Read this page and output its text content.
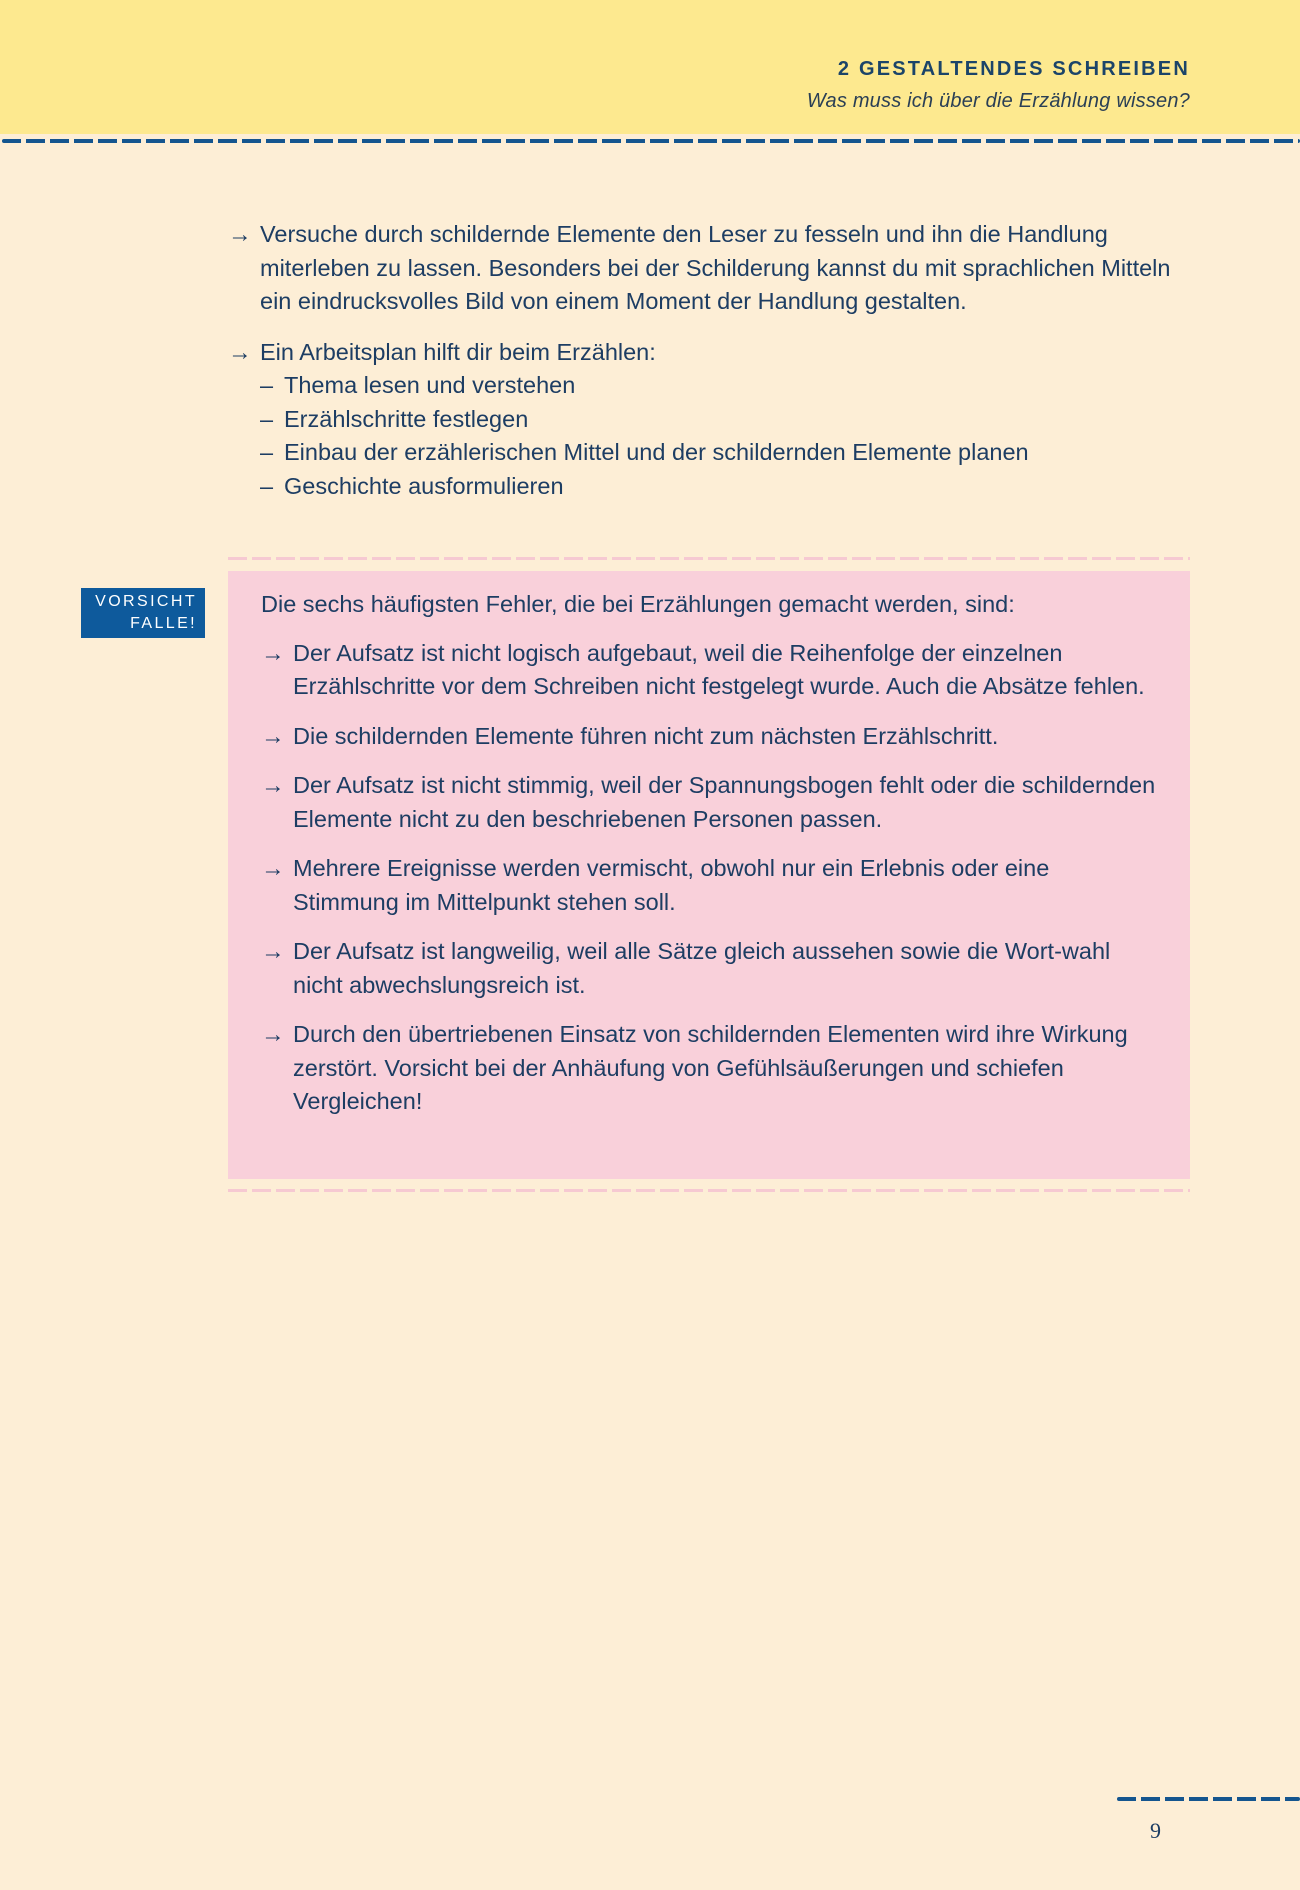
2 GESTALTENDES SCHREIBEN
Was muss ich über die Erzählung wissen?
→ Versuche durch schildernde Elemente den Leser zu fesseln und ihn die Handlung miterleben zu lassen. Besonders bei der Schilderung kannst du mit sprachlichen Mitteln ein eindrucksvolles Bild von einem Moment der Handlung gestalten.
→ Ein Arbeitsplan hilft dir beim Erzählen:
– Thema lesen und verstehen
– Erzählschritte festlegen
– Einbau der erzählerischen Mittel und der schildernden Elemente planen
– Geschichte ausformulieren
VORSICHT
FALLE!
Die sechs häufigsten Fehler, die bei Erzählungen gemacht werden, sind:
→ Der Aufsatz ist nicht logisch aufgebaut, weil die Reihenfolge der einzelnen Erzählschritte vor dem Schreiben nicht festgelegt wurde. Auch die Absätze fehlen.
→ Die schildernden Elemente führen nicht zum nächsten Erzählschritt.
→ Der Aufsatz ist nicht stimmig, weil der Spannungsbogen fehlt oder die schildernden Elemente nicht zu den beschriebenen Personen passen.
→ Mehrere Ereignisse werden vermischt, obwohl nur ein Erlebnis oder eine Stimmung im Mittelpunkt stehen soll.
→ Der Aufsatz ist langweilig, weil alle Sätze gleich aussehen sowie die Wort-wahl nicht abwechslungsreich ist.
→ Durch den übertriebenen Einsatz von schildernden Elementen wird ihre Wirkung zerstört. Vorsicht bei der Anhäufung von Gefühlsäußerungen und schiefen Vergleichen!
9
